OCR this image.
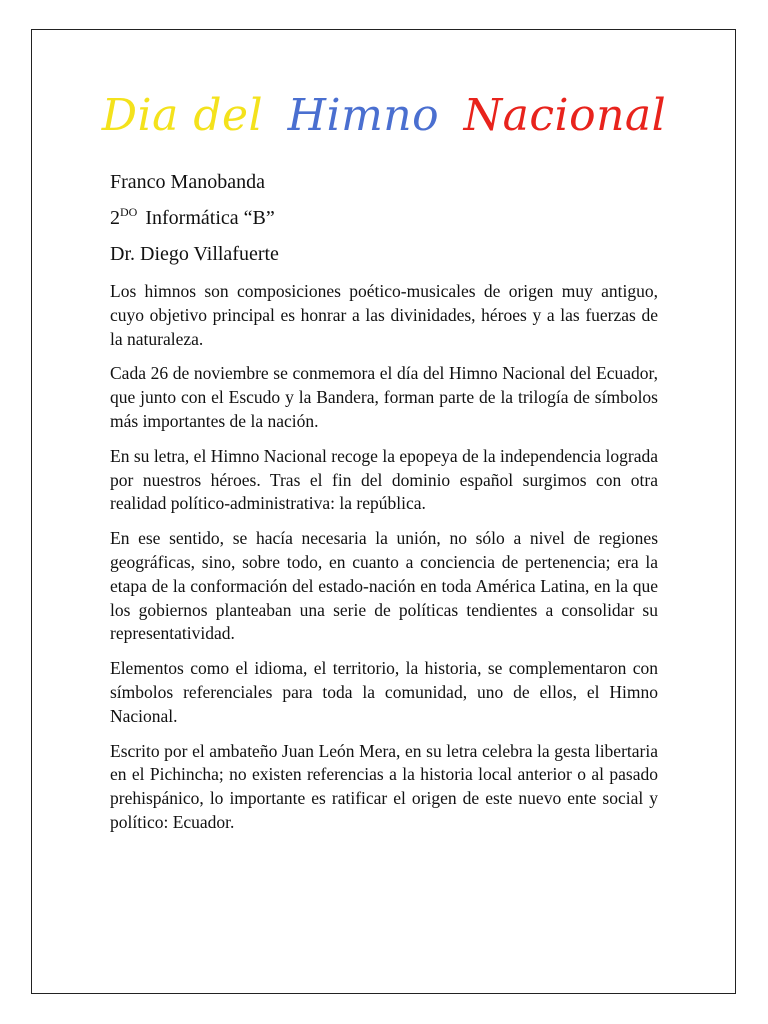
Dia del Himno Nacional
Franco Manobanda
$2^{DO}$ Informática “B”
Dr. Diego Villafuerte

Los himnos son composiciones poético-musicales de origen muy antiguo, cuyo objetivo principal es honrar a las divinidades, héroes y a las fuerzas de la naturaleza.

Cada 26 de noviembre se conmemora el día del Himno Nacional del Ecuador, que junto con el Escudo y la Bandera, forman parte de la trilogía de símbolos más importantes de la nación.

En su letra, el Himno Nacional recoge la epopeya de la independencia lograda por nuestros héroes. Tras el fin del dominio español surgimos con otra realidad político-administrativa: la república.

En ese sentido, se hacía necesaria la unión, no sólo a nivel de regiones geográficas, sino, sobre todo, en cuanto a conciencia de pertenencia; era la etapa de la conformación del estado-nación en toda América Latina, en la que los gobiernos planteaban una serie de políticas tendientes a consolidar su representatividad.

Elementos como el idioma, el territorio, la historia, se complementaron con símbolos referenciales para toda la comunidad, uno de ellos, el Himno Nacional.

Escrito por el ambateño Juan León Mera, en su letra celebra la gesta libertaria en el Pichincha; no existen referencias a la historia local anterior o al pasado prehispánico, lo importante es ratificar el origen de este nuevo ente social y político: Ecuador.
